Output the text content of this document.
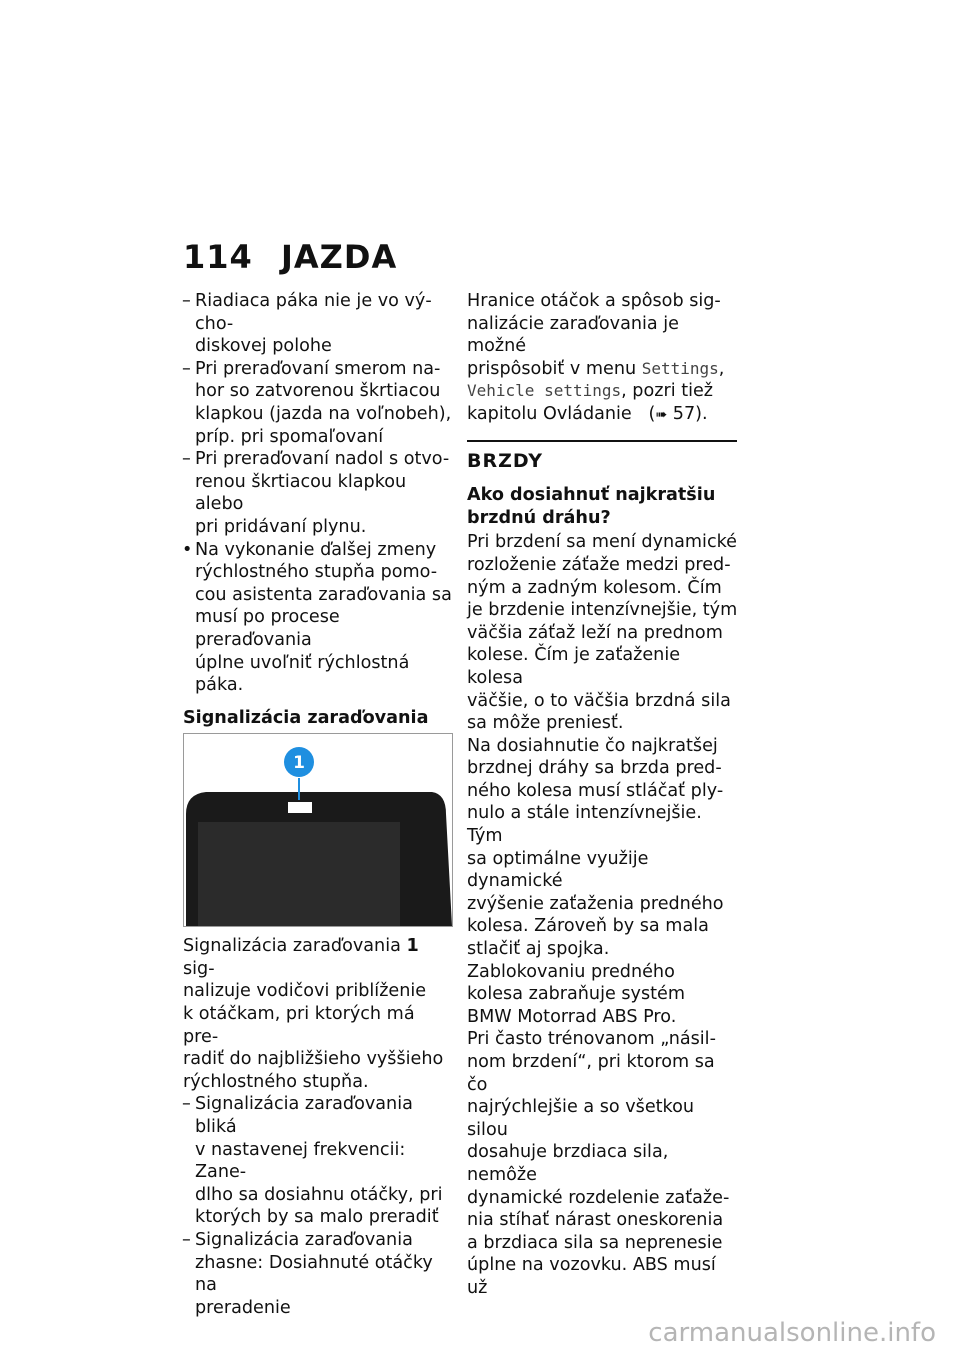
114 JAZDA
– Riadiaca páka nie je vo výcho-
diskovej polohe
– Pri preraďovaní smerom na-
hor so zatvorenou škrtiacou
klapkou (jazda na voľnobeh),
príp. pri spomaľovaní
– Pri preraďovaní nadol s otvo-
renou škrtiacou klapkou alebo
pri pridávaní plynu.
• Na vykonanie ďalšej zmeny
rýchlostného stupňa pomo-
cou asistenta zaraďovania sa
musí po procese preraďovania
úplne uvoľniť rýchlostná páka.
Signalizácia zaraďovania
1
Signalizácia zaraďovania 1 sig-
nalizuje vodičovi priblíženie
k otáčkam, pri ktorých má pre-
radiť do najbližšieho vyššieho
rýchlostného stupňa.
– Signalizácia zaraďovania bliká
v nastavenej frekvencii: Zane-
dlho sa dosiahnu otáčky, pri
ktorých by sa malo preradiť
– Signalizácia zaraďovania
zhasne: Dosiahnuté otáčky na
preradenie
Hranice otáčok a spôsob sig-
nalizácie zaraďovania je možné
prispôsobiť v menu Settings,
Vehicle settings, pozri tiež
kapitolu Ovládanie   (➠ 57).
BRZDY
Ako dosiahnuť najkratšiu
brzdnú dráhu?
Pri brzdení sa mení dynamické
rozloženie záťaže medzi pred-
ným a zadným kolesom. Čím
je brzdenie intenzívnejšie, tým
väčšia záťaž leží na prednom
kolese. Čím je zaťaženie kolesa
väčšie, o to väčšia brzdná sila
sa môže preniesť.
Na dosiahnutie čo najkratšej
brzdnej dráhy sa brzda pred-
ného kolesa musí stláčať ply-
nulo a stále intenzívnejšie. Tým
sa optimálne využije dynamické
zvýšenie zaťaženia predného
kolesa. Zároveň by sa mala
stlačiť aj spojka.
Zablokovaniu predného
kolesa zabraňuje systém
BMW Motorrad ABS Pro.
Pri často trénovanom „násil-
nom brzdení“, pri ktorom sa čo
najrýchlejšie a so všetkou silou
dosahuje brzdiaca sila, nemôže
dynamické rozdelenie zaťaže-
nia stíhať nárast oneskorenia
a brzdiaca sila sa neprenesie
úplne na vozovku. ABS musí už
carmanualsonline.info
